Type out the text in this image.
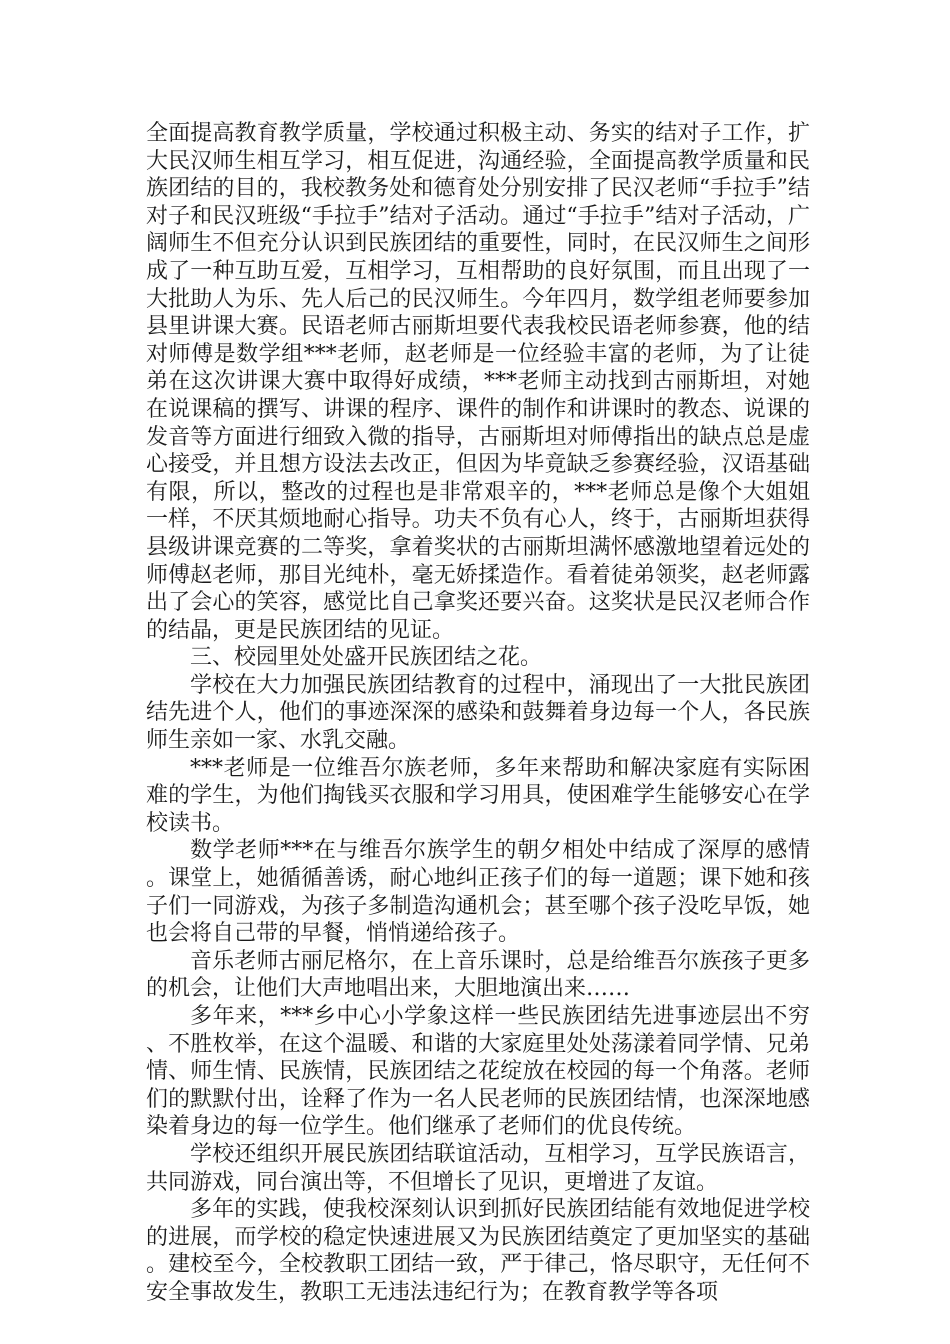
全面提高教育教学质量，学校通过积极主动、务实的结对子工作，扩大民汉师生相互学习，相互促进，沟通经验，全面提高教学质量和民族团结的目的，我校教务处和德育处分别安排了民汉老师“手拉手”结对子和民汉班级“手拉手”结对子活动。通过“手拉手”结对子活动，广阔师生不但充分认识到民族团结的重要性，同时，在民汉师生之间形成了一种互助互爱，互相学习，互相帮助的良好氛围，而且出现了一大批助人为乐、先人后己的民汉师生。今年四月，数学组老师要参加县里讲课大赛。民语老师古丽斯坦要代表我校民语老师参赛，他的结对师傅是数学组***老师，赵老师是一位经验丰富的老师，为了让徒弟在这次讲课大赛中取得好成绩，***老师主动找到古丽斯坦，对她在说课稿的撰写、讲课的程序、课件的制作和讲课时的教态、说课的发音等方面进行细致入微的指导，古丽斯坦对师傅指出的缺点总是虚心接受，并且想方设法去改正，但因为毕竟缺乏参赛经验，汉语基础有限，所以，整改的过程也是非常艰辛的，***老师总是像个大姐姐一样，不厌其烦地耐心指导。功夫不负有心人，终于，古丽斯坦获得县级讲课竞赛的二等奖，拿着奖状的古丽斯坦满怀感激地望着远处的师傅赵老师，那目光纯朴，毫无娇揉造作。看着徒弟领奖，赵老师露出了会心的笑容，感觉比自己拿奖还要兴奋。这奖状是民汉老师合作的结晶，更是民族团结的见证。

三、校园里处处盛开民族团结之花。

学校在大力加强民族团结教育的过程中，涌现出了一大批民族团结先进个人，他们的事迹深深的感染和鼓舞着身边每一个人，各民族师生亲如一家、水乳交融。

***老师是一位维吾尔族老师，多年来帮助和解决家庭有实际困难的学生，为他们掏钱买衣服和学习用具，使困难学生能够安心在学校读书。

数学老师***在与维吾尔族学生的朝夕相处中结成了深厚的感情。课堂上，她循循善诱，耐心地纠正孩子们的每一道题；课下她和孩子们一同游戏，为孩子多制造沟通机会；甚至哪个孩子没吃早饭，她也会将自己带的早餐，悄悄递给孩子。

音乐老师古丽尼格尔，在上音乐课时，总是给维吾尔族孩子更多的机会，让他们大声地唱出来，大胆地演出来……

多年来，***乡中心小学象这样一些民族团结先进事迹层出不穷、不胜枚举，在这个温暖、和谐的大家庭里处处荡漾着同学情、兄弟情、师生情、民族情，民族团结之花绽放在校园的每一个角落。老师们的默默付出，诠释了作为一名人民老师的民族团结情，也深深地感染着身边的每一位学生。他们继承了老师们的优良传统。

学校还组织开展民族团结联谊活动，互相学习，互学民族语言，共同游戏，同台演出等，不但增长了见识，更增进了友谊。

多年的实践，使我校深刻认识到抓好民族团结能有效地促进学校的进展，而学校的稳定快速进展又为民族团结奠定了更加坚实的基础。建校至今，全校教职工团结一致，严于律己，恪尽职守，无任何不安全事故发生，教职工无违法违纪行为；在教育教学等各项
